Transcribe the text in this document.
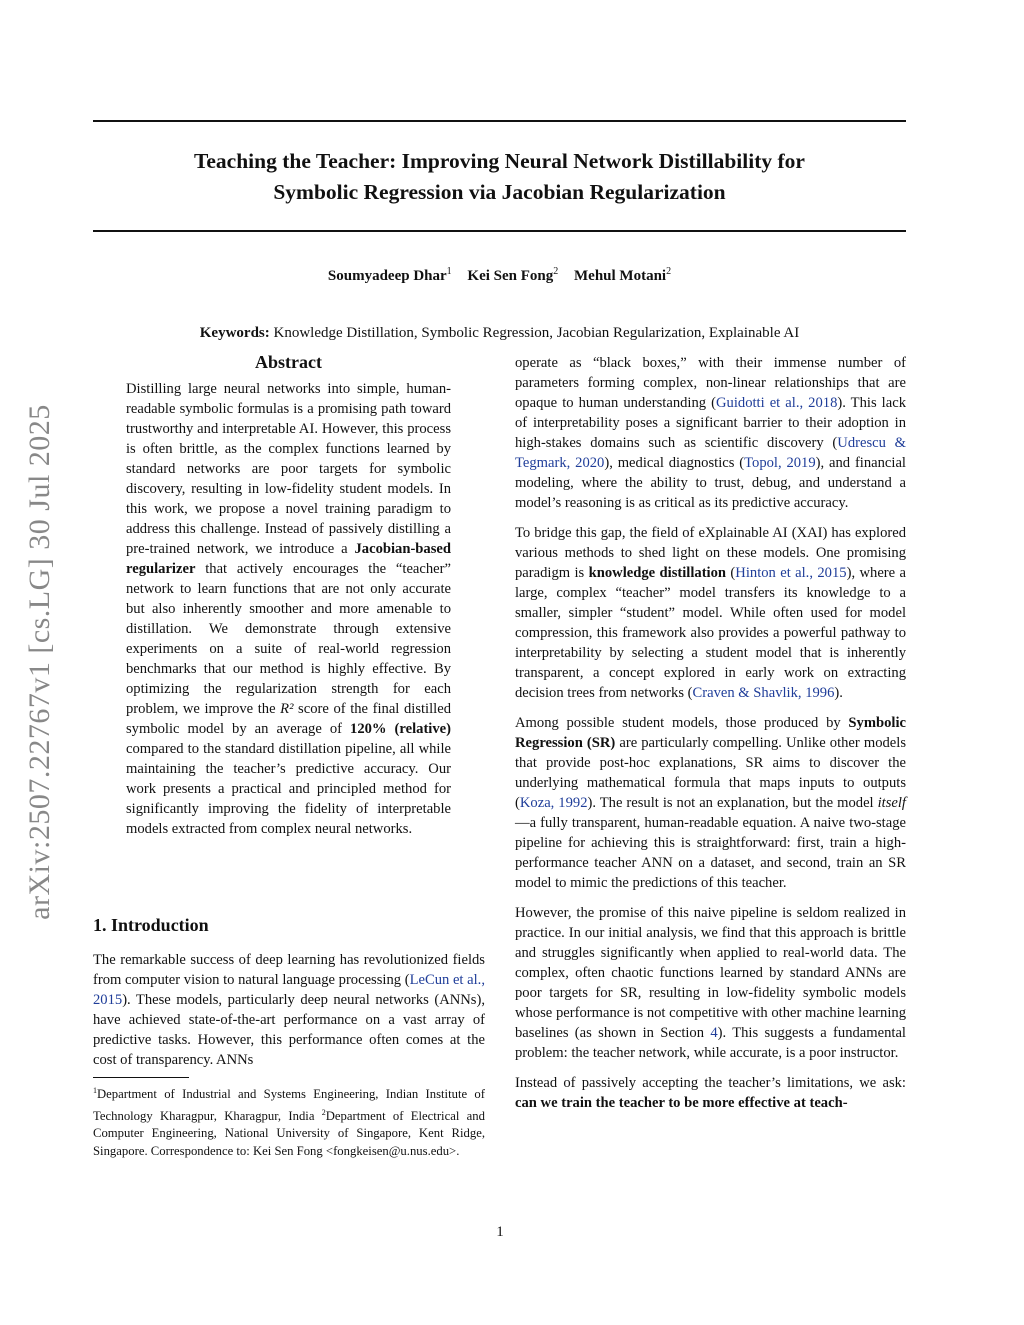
arXiv:2507.22767v1 [cs.LG] 30 Jul 2025
Teaching the Teacher: Improving Neural Network Distillability for
Symbolic Regression via Jacobian Regularization
Soumyadeep Dhar$^1$ Kei Sen Fong$^2$ Mehul Motani$^2$
Keywords: Knowledge Distillation, Symbolic Regression, Jacobian Regularization, Explainable AI
Abstract
Distilling large neural networks into simple, human-readable symbolic formulas is a promising path toward trustworthy and interpretable AI. However, this process is often brittle, as the complex functions learned by standard networks are poor targets for symbolic discovery, resulting in low-fidelity student models. In this work, we propose a novel training paradigm to address this challenge. Instead of passively distilling a pre-trained network, we introduce a Jacobian-based regularizer that actively encourages the “teacher” network to learn functions that are not only accurate but also inherently smoother and more amenable to distillation. We demonstrate through extensive experiments on a suite of real-world regression benchmarks that our method is highly effective. By optimizing the regularization strength for each problem, we improve the R² score of the final distilled symbolic model by an average of 120% (relative) compared to the standard distillation pipeline, all while maintaining the teacher’s predictive accuracy. Our work presents a practical and principled method for significantly improving the fidelity of interpretable models extracted from complex neural networks.
1. Introduction
The remarkable success of deep learning has revolutionized fields from computer vision to natural language processing (LeCun et al., 2015). These models, particularly deep neural networks (ANNs), have achieved state-of-the-art performance on a vast array of predictive tasks. However, this performance often comes at the cost of transparency. ANNs
$^1$Department of Industrial and Systems Engineering, Indian Institute of Technology Kharagpur, Kharagpur, India $^2$Department of Electrical and Computer Engineering, National University of Singapore, Kent Ridge, Singapore. Correspondence to: Kei Sen Fong <fongkeisen@u.nus.edu>.

operate as “black boxes,” with their immense number of parameters forming complex, non-linear relationships that are opaque to human understanding (Guidotti et al., 2018). This lack of interpretability poses a significant barrier to their adoption in high-stakes domains such as scientific discovery (Udrescu & Tegmark, 2020), medical diagnostics (Topol, 2019), and financial modeling, where the ability to trust, debug, and understand a model’s reasoning is as critical as its predictive accuracy.

To bridge this gap, the field of eXplainable AI (XAI) has explored various methods to shed light on these models. One promising paradigm is knowledge distillation (Hinton et al., 2015), where a large, complex “teacher” model transfers its knowledge to a smaller, simpler “student” model. While often used for model compression, this framework also provides a powerful pathway to interpretability by selecting a student model that is inherently transparent, a concept explored in early work on extracting decision trees from networks (Craven & Shavlik, 1996).

Among possible student models, those produced by Symbolic Regression (SR) are particularly compelling. Unlike other models that provide post-hoc explanations, SR aims to discover the underlying mathematical formula that maps inputs to outputs (Koza, 1992). The result is not an explanation, but the model itself—a fully transparent, human-readable equation. A naive two-stage pipeline for achieving this is straightforward: first, train a high-performance teacher ANN on a dataset, and second, train an SR model to mimic the predictions of this teacher.

However, the promise of this naive pipeline is seldom realized in practice. In our initial analysis, we find that this approach is brittle and struggles significantly when applied to real-world data. The complex, often chaotic functions learned by standard ANNs are poor targets for SR, resulting in low-fidelity symbolic models whose performance is not competitive with other machine learning baselines (as shown in Section 4). This suggests a fundamental problem: the teacher network, while accurate, is a poor instructor.

Instead of passively accepting the teacher’s limitations, we ask: can we train the teacher to be more effective at teach-

1
